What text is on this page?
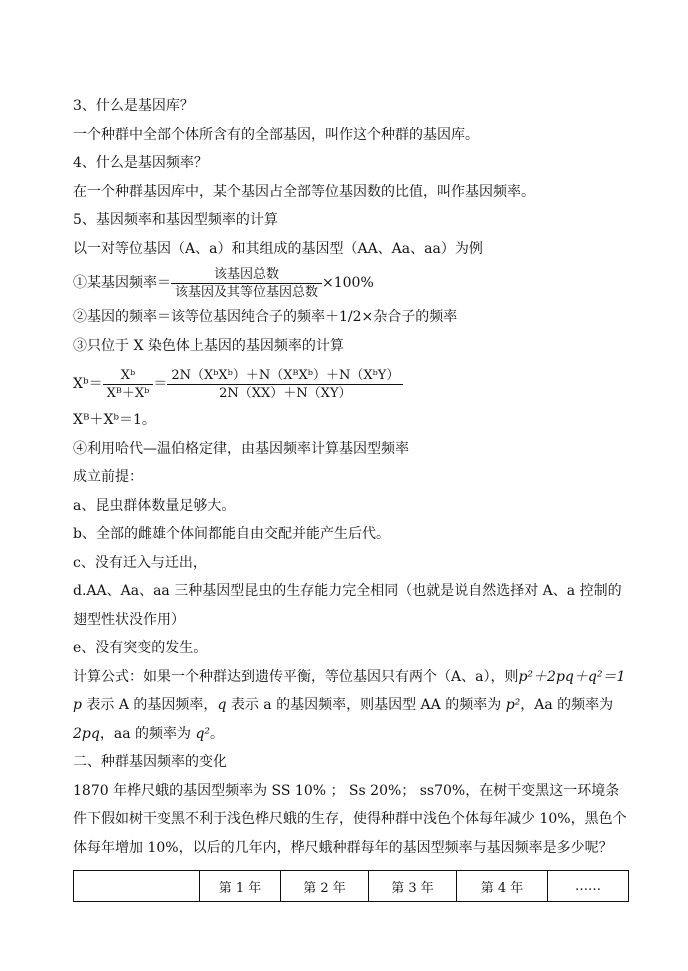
3、什么是基因库？
一个种群中全部个体所含有的全部基因，叫作这个种群的基因库。
4、什么是基因频率？
在一个种群基因库中，某个基因占全部等位基因数的比值，叫作基因频率。
5、基因频率和基因型频率的计算
以一对等位基因（A、a）和其组成的基因型（AA、Aa、aa）为例
①某基因频率＝ $\frac{\text{该基因总数}}{\text{该基因及其等位基因总数}} \times 100\%$
②基因的频率＝该等位基因纯合子的频率＋1/2×杂合子的频率
③只位于 X 染色体上基因的基因频率的计算
Xᵇ＝ $\frac{\text{Xᵇ}}{\text{Xᴮ＋Xᵇ}} = \frac{\text{2N（XᵇXᵇ）＋N（XᴮXᵇ）＋N（XᵇY）}}{2N(XX)+N(XY)}$
Xᴮ＋Xᵇ＝1。
④利用哈代—温伯格定律，由基因频率计算基因型频率
成立前提：
a、昆虫群体数量足够大。
b、全部的雌雄个体间都能自由交配并能产生后代。
c、没有迁入与迁出，
d.AA、Aa、aa 三种基因型昆虫的生存能力完全相同（也就是说自然选择对 A、a 控制的翅型性状没作用）
e、没有突变的发生。
计算公式：如果一个种群达到遗传平衡，等位基因只有两个（A、a），则p²＋2pq＋q²＝1
p 表示 A 的基因频率，q 表示 a 的基因频率，则基因型 AA 的频率为 p²，Aa 的频率为
2pq，aa 的频率为 q²。
二、种群基因频率的变化
1870 年桦尺蛾的基因型频率为 SS 10% ； Ss 20%； ss70%，在树干变黑这一环境条件下假如树干变黑不利于浅色桦尺蛾的生存，使得种群中浅色个体每年减少 10%，黑色个体每年增加 10%，以后的几年内，桦尺蛾种群每年的基因型频率与基因频率是多少呢？
	第 1 年	第 2 年	第 3 年	第 4 年	……
